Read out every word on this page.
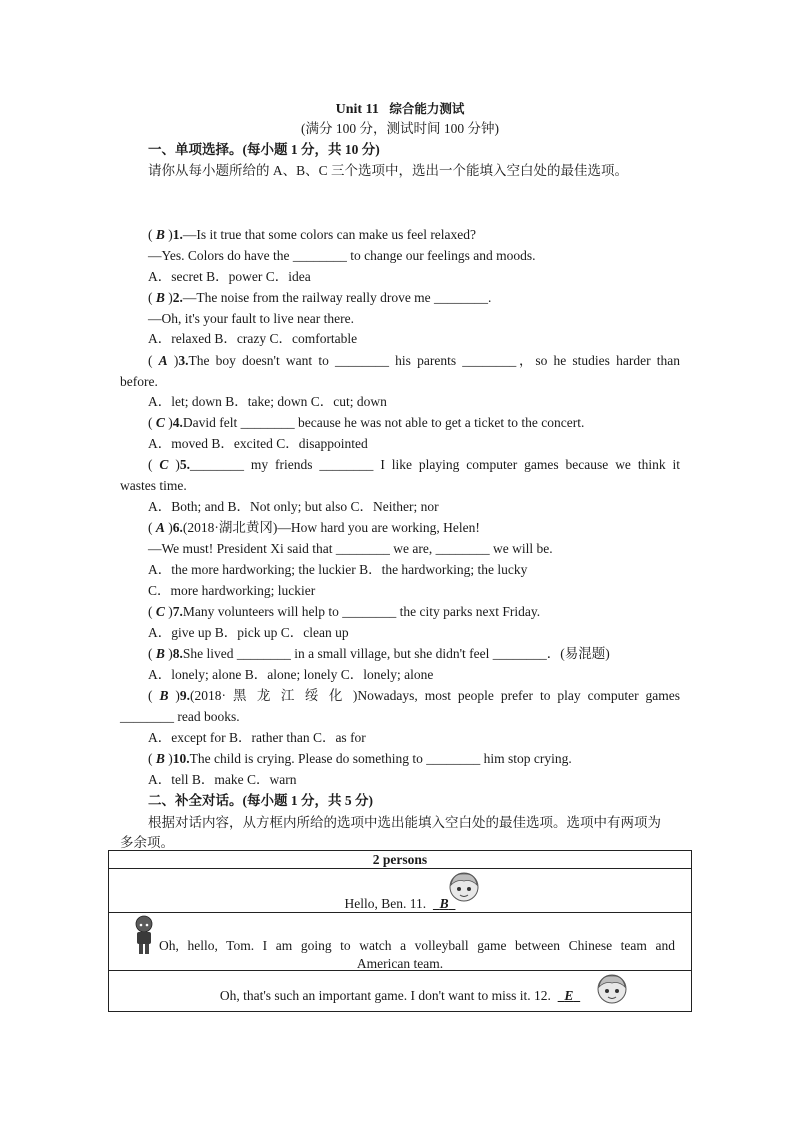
Unit 11 综合能力测试
(满分 100 分，测试时间 100 分钟)
一、单项选择。(每小题 1 分，共 10 分)
请你从每小题所给的 A、B、C 三个选项中，选出一个能填入空白处的最佳选项。
( B )1.—Is it true that some colors can make us feel relaxed?
—Yes. Colors do have the ________ to change our feelings and moods.
A．secret B．power C．idea
( B )2.—The noise from the railway really drove me ________.
—Oh, it's your fault to live near there.
A．relaxed B．crazy C．comfortable
( A )3.The boy doesn't want to ________ his parents ________，so he studies harder than
before.
A．let; down B．take; down C．cut; down
( C )4.David felt ________ because he was not able to get a ticket to the concert.
A．moved B．excited C．disappointed
( C )5.________ my friends ________ I like playing computer games because we think it
wastes time.
A．Both; and B．Not only; but also C．Neither; nor
( A )6.(2018·湖北黄冈)—How hard you are working, Helen!
—We must! President Xi said that ________ we are, ________ we will be.
A．the more hardworking; the luckier B．the hardworking; the lucky
C．more hardworking; luckier
( C )7.Many volunteers will help to ________ the city parks next Friday.
A．give up B．pick up C．clean up
( B )8.She lived ________ in a small village, but she didn't feel ________．(易混题)
A．lonely; alone B．alone; lonely C．lonely; alone
( B )9.(2018· 黑 龙 江 绥 化 )Nowadays, most people prefer to play computer games
________ read books.
A．except for B．rather than C．as for
( B )10.The child is crying. Please do something to ________ him stop crying.
A．tell B．make C．warn
二、补全对话。(每小题 1 分，共 5 分)
根据对话内容，从方框内所给的选项中选出能填入空白处的最佳选项。选项中有两项为
多余项。
2 persons
Hello, Ben. 11. B
Oh, hello, Tom. I am going to watch a volleyball game between Chinese team and
American team.
Oh, that's such an important game. I don't want to miss it. 12. E
